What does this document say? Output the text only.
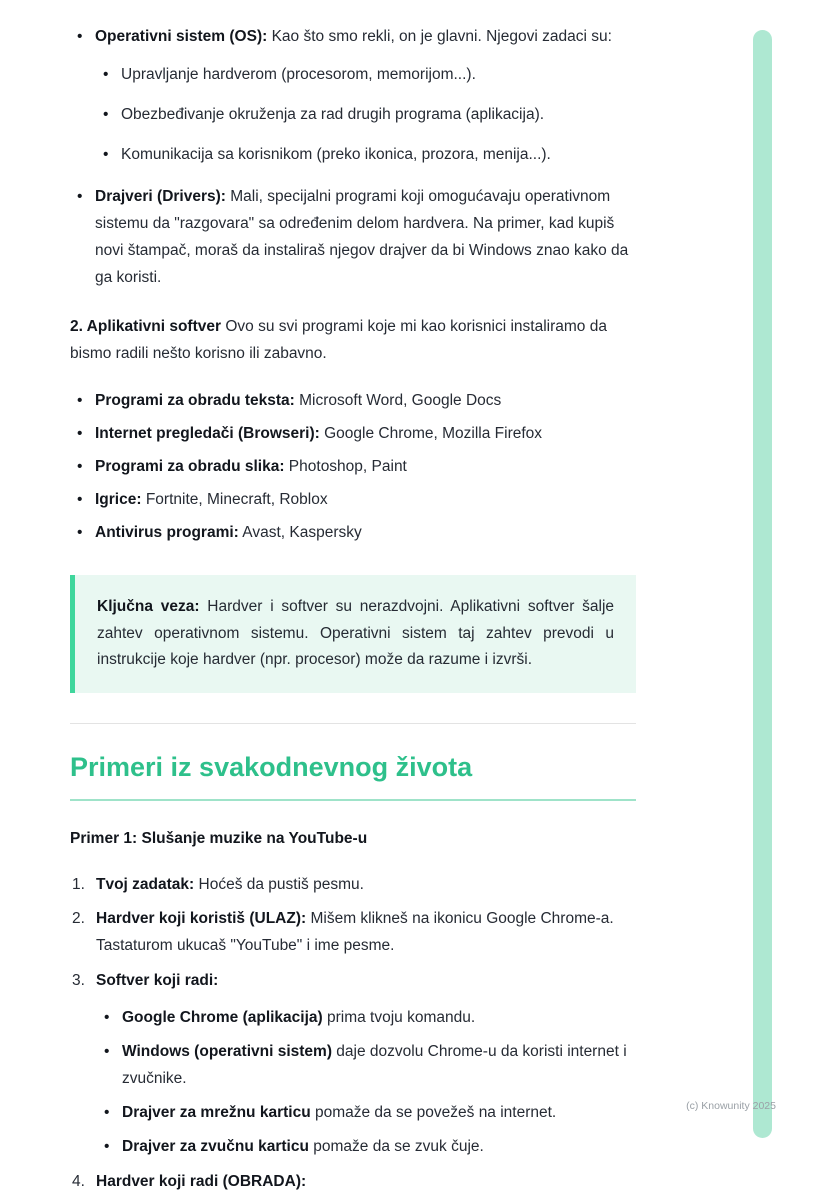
• Operativni sistem (OS): Kao što smo rekli, on je glavni. Njegovi zadaci su:
• Upravljanje hardverom (procesorom, memorijom...).
• Obezbeđivanje okruženja za rad drugih programa (aplikacija).
• Komunikacija sa korisnikom (preko ikonica, prozora, menija...).
• Drajveri (Drivers): Mali, specijalni programi koji omogućavaju operativnom sistemu da "razgovara" sa određenim delom hardvera. Na primer, kad kupiš novi štampač, moraš da instaliraš njegov drajver da bi Windows znao kako da ga koristi.

2. Aplikativni softver Ovo su svi programi koje mi kao korisnici instaliramo da bismo radili nešto korisno ili zabavno.

• Programi za obradu teksta: Microsoft Word, Google Docs
• Internet pregledači (Browseri): Google Chrome, Mozilla Firefox
• Programi za obradu slika: Photoshop, Paint
• Igrice: Fortnite, Minecraft, Roblox
• Antivirus programi: Avast, Kaspersky
Ključna veza: Hardver i softver su nerazdvojni. Aplikativni softver šalje zahtev operativnom sistemu. Operativni sistem taj zahtev prevodi u instrukcije koje hardver (npr. procesor) može da razume i izvrši.
Primeri iz svakodnevnog života
Primer 1: Slušanje muzike na YouTube-u
Tvoj zadatak: Hoćeš da pustiš pesmu.
Hardver koji koristiš (ULAZ): Mišem klikneš na ikonicu Google Chrome-a. Tastaturom ukucaš "YouTube" i ime pesme.
Softver koji radi:
• Google Chrome (aplikacija) prima tvoju komandu.
• Windows (operativni sistem) daje dozvolu Chrome-u da koristi internet i zvučnike.
• Drajver za mrežnu karticu pomaže da se povežeš na internet.
• Drajver za zvučnu karticu pomaže da se zvuk čuje.
Hardver koji radi (OBRADA):
(c) Knowunity 2025
